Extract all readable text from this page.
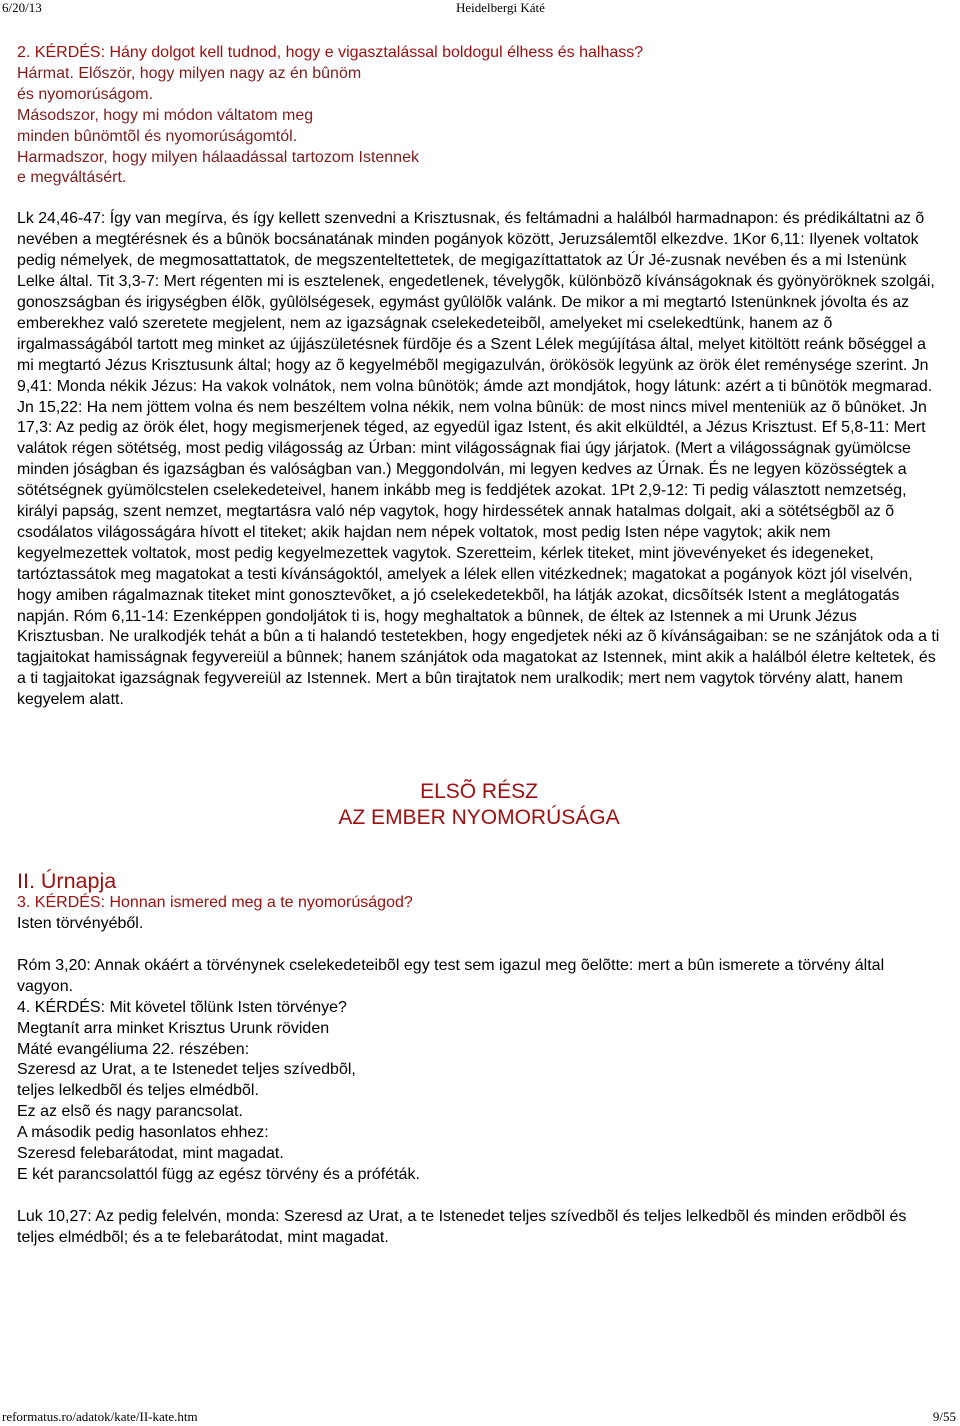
6/20/13	Heidelbergi Káté
2. KÉRDÉS: Hány dolgot kell tudnod, hogy e vigasztalással boldogul élhess és halhass?
Hármat. Először, hogy milyen nagy az én bûnöm
és nyomorúságom.
Másodszor, hogy mi módon váltatom meg
minden bûnömtõl és nyomorúságomtól.
Harmadszor, hogy milyen hálaadással tartozom Istennek
e megváltásért.

Lk 24,46-47: Így van megírva, és így kellett szenvedni a Krisztusnak, és feltámadni a halálból harmadnapon: és prédikáltatni az õ nevében a megtérésnek és a bûnök bocsánatának minden pogányok között, Jeruzsálemtõl elkezdve. 1Kor 6,11: Ilyenek voltatok pedig némelyek, de megmosattattatok, de megszenteltettetek, de megigazíttattatok az Úr Jé-zusnak nevében és a mi Istenünk Lelke által. Tit 3,3-7: Mert régenten mi is esztelenek, engedetlenek, tévelygõk, különbözõ kívánságoknak és gyönyöröknek szolgái, gonoszságban és irigységben élõk, gyûlölségesek, egymást gyûlölõk valánk. De mikor a mi megtartó Istenünknek jóvolta és az emberekhez való szeretete megjelent, nem az igazságnak cselekedeteibõl, amelyeket mi cselekedtünk, hanem az õ irgalmasságából tartott meg minket az újjászületésnek fürdõje és a Szent Lélek megújítása által, melyet kitöltött reánk bõséggel a mi megtartó Jézus Krisztusunk által; hogy az õ kegyelmébõl megigazulván, örökösök legyünk az örök élet reménysége szerint. Jn 9,41: Monda nékik Jézus: Ha vakok volnátok, nem volna bûnötök; ámde azt mondjátok, hogy látunk: azért a ti bûnötök megmarad. Jn 15,22: Ha nem jöttem volna és nem beszéltem volna nékik, nem volna bûnük: de most nincs mivel menteniük az õ bûnöket. Jn 17,3: Az pedig az örök élet, hogy megismerjenek téged, az egyedül igaz Istent, és akit elküldtél, a Jézus Krisztust. Ef 5,8-11: Mert valátok régen sötétség, most pedig világosság az Úrban: mint világosságnak fiai úgy járjatok. (Mert a világosságnak gyümölcse minden jóságban és igazságban és valóságban van.) Meggondolván, mi legyen kedves az Úrnak. És ne legyen közösségtek a sötétségnek gyümölcstelen cselekedeteivel, hanem inkább meg is feddjétek azokat. 1Pt 2,9-12: Ti pedig választott nemzetség, királyi papság, szent nemzet, megtartásra való nép vagytok, hogy hirdessétek annak hatalmas dolgait, aki a sötétségbõl az õ csodálatos világosságára hívott el titeket; akik hajdan nem népek voltatok, most pedig Isten népe vagytok; akik nem kegyelmezettek voltatok, most pedig kegyelmezettek vagytok. Szeretteim, kérlek titeket, mint jövevényeket és idegeneket, tartóztassátok meg magatokat a testi kívánságoktól, amelyek a lélek ellen vitézkednek; magatokat a pogányok közt jól viselvén, hogy amiben rágalmaznak titeket mint gonosztevõket, a jó cselekedetekbõl, ha látják azokat, dicsõítsék Istent a meglátogatás napján. Róm 6,11-14: Ezenképpen gondoljátok ti is, hogy meghaltatok a bûnnek, de éltek az Istennek a mi Urunk Jézus Krisztusban. Ne uralkodjék tehát a bûn a ti halandó testetekben, hogy engedjetek néki az õ kívánságaiban: se ne szánjátok oda a ti tagjaitokat hamisságnak fegyvereiül a bûnnek; hanem szánjátok oda magatokat az Istennek, mint akik a halálból életre keltetek, és a ti tagjaitokat igazságnak fegyvereiül az Istennek. Mert a bûn tirajtatok nem uralkodik; mert nem vagytok törvény alatt, hanem kegyelem alatt.

ELSÕ RÉSZ
AZ EMBER NYOMORÚSÁGA
II. Úrnapja
3. KÉRDÉS: Honnan ismered meg a te nyomorúságod?
Isten törvényéből.

Róm 3,20: Annak okáért a törvénynek cselekedeteibõl egy test sem igazul meg õelõtte: mert a bûn ismerete a törvény által vagyon.

4. KÉRDÉS: Mit követel tõlünk Isten törvénye?
Megtanít arra minket Krisztus Urunk röviden
Máté evangéliuma 22. részében:
Szeresd az Urat, a te Istenedet teljes szívedbõl,
teljes lelkedbõl és teljes elmédbõl.
Ez az elsõ és nagy parancsolat.
A második pedig hasonlatos ehhez:
Szeresd felebarátodat, mint magadat.
E két parancsolattól függ az egész törvény és a próféták.

Luk 10,27: Az pedig felelvén, monda: Szeresd az Urat, a te Istenedet teljes szívedbõl és teljes lelkedbõl és minden erõdbõl és teljes elmédbõl; és a te felebarátodat, mint magadat.

reformatus.ro/adatok/kate/II-kate.htm	9/55
